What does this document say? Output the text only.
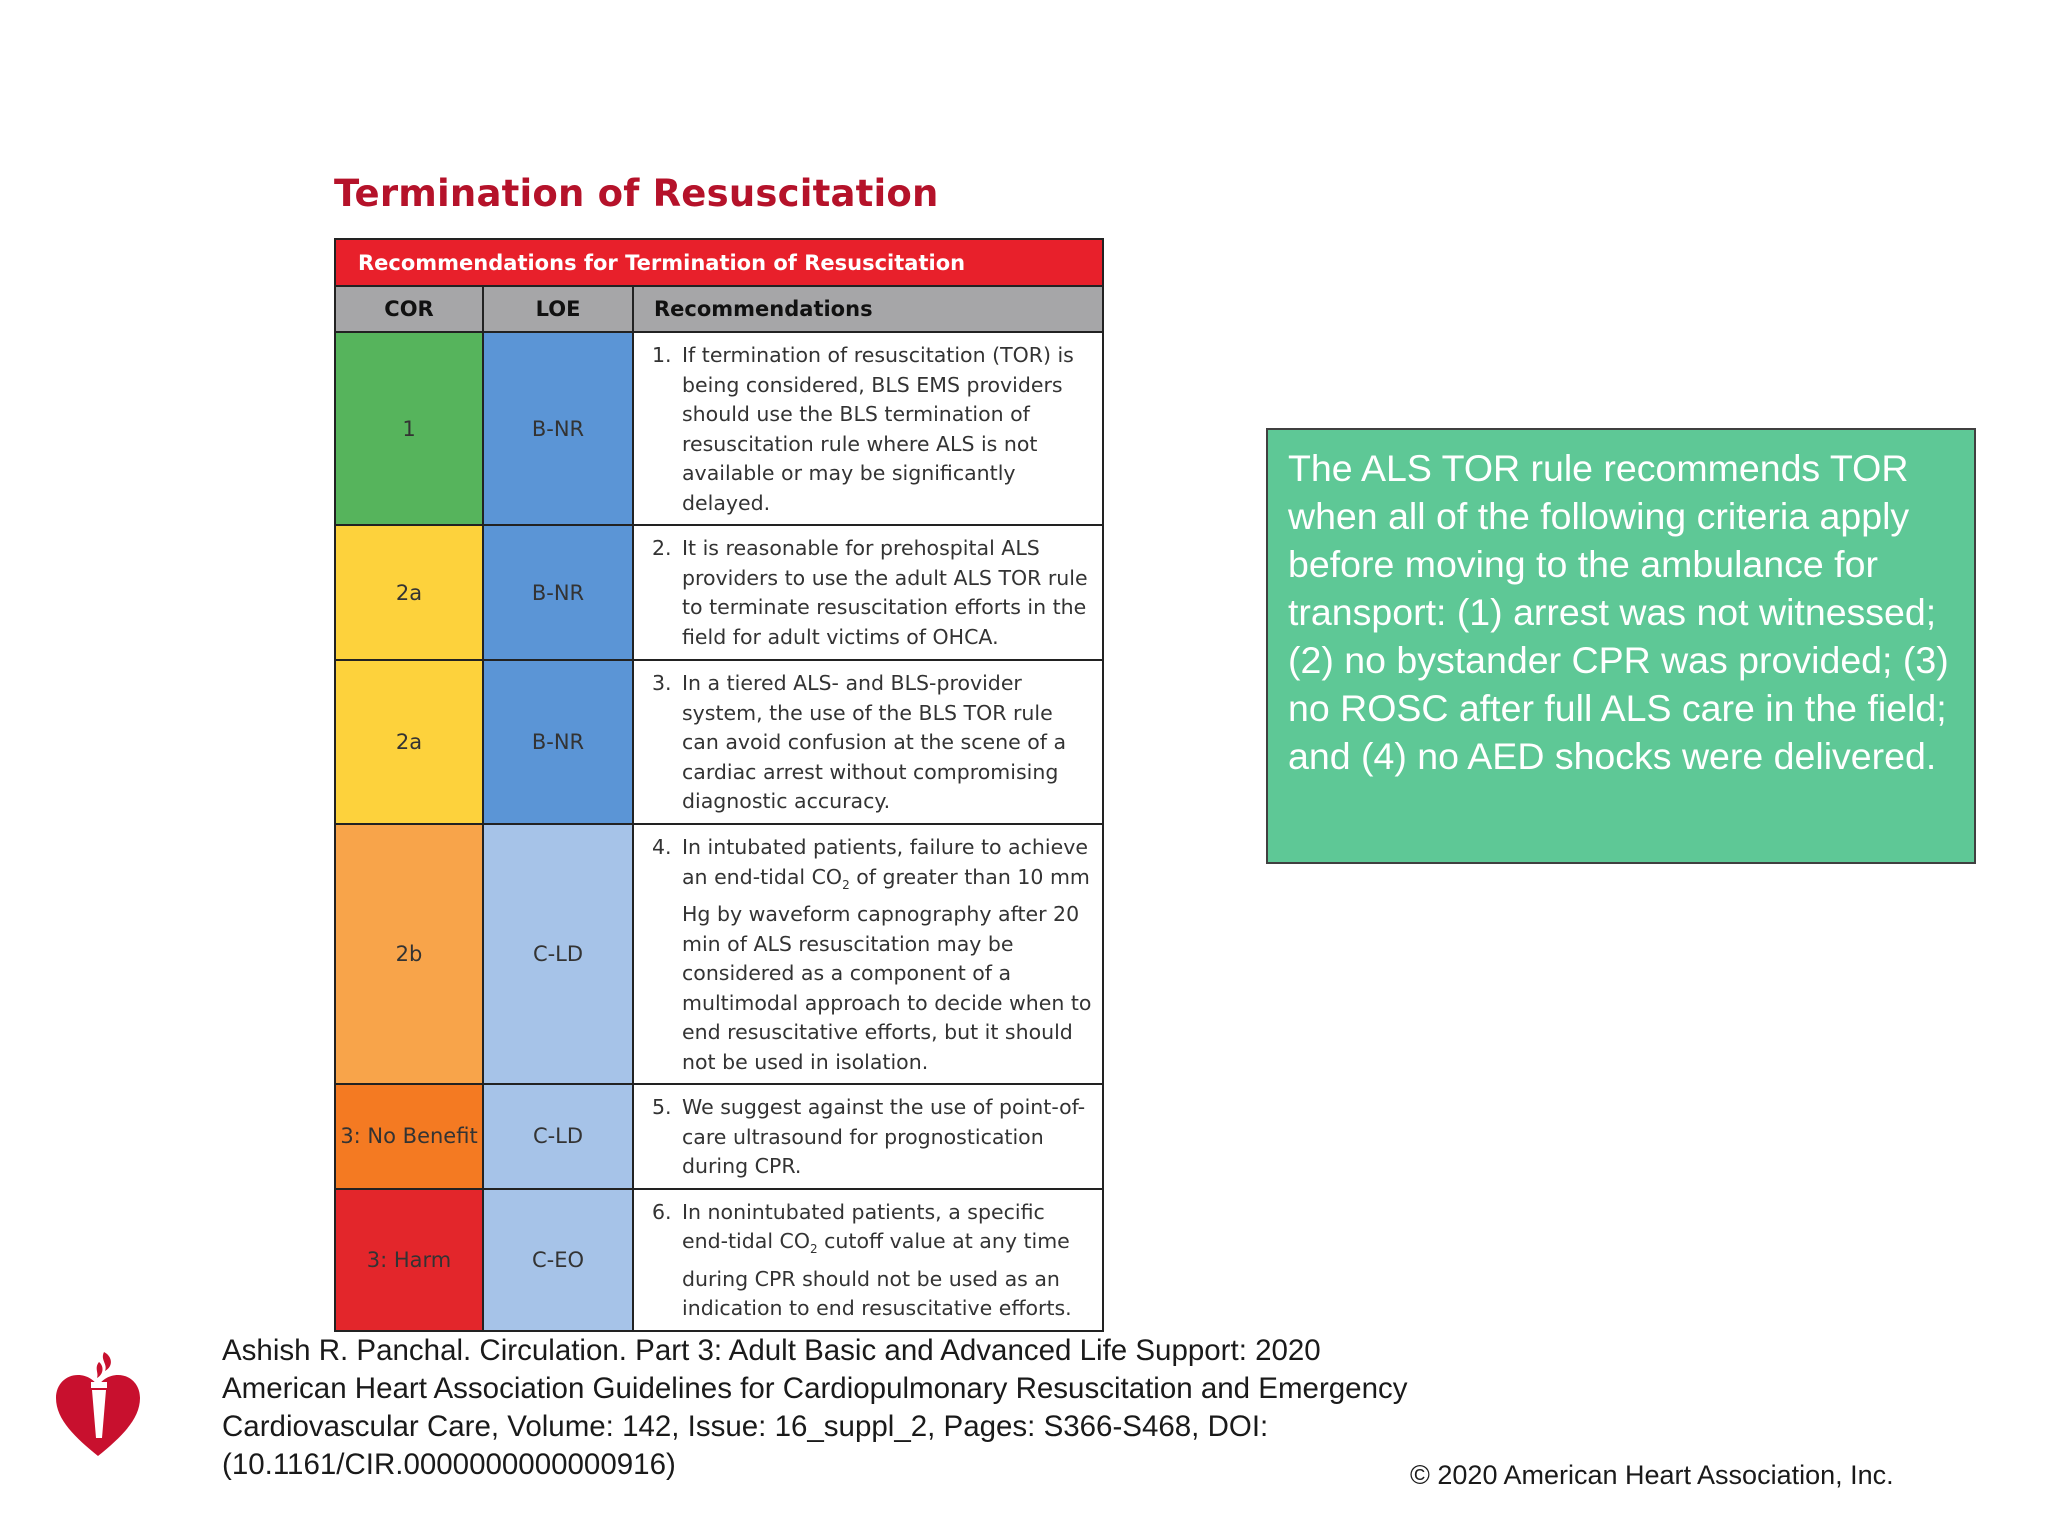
Termination of Resuscitation
Recommendations for Termination of Resuscitation		
COR	LOE	Recommendations
1	B-NR	1. If termination of resuscitation (TOR) is being considered, BLS EMS providers should use the BLS termination of resuscitation rule where ALS is not available or may be significantly delayed.

2a	B-NR	2. It is reasonable for prehospital ALS providers to use the adult ALS TOR rule to terminate resuscitation efforts in the field for adult victims of OHCA.

2a	B-NR	3. In a tiered ALS- and BLS-provider system, the use of the BLS TOR rule can avoid confusion at the scene of a cardiac arrest without compromising diagnostic accuracy.

2b	C-LD	4. In intubated patients, failure to achieve an end-tidal $CO_2$ of greater than 10 mm Hg by waveform capnography after 20 min of ALS resuscitation may be considered as a component of a multimodal approach to decide when to end resuscitative efforts, but it should not be used in isolation.

3: No Benefit	C-LD	5. We suggest against the use of point-of-care ultrasound for prognostication during CPR.

3: Harm	C-EO	6. In nonintubated patients, a specific end-tidal $CO_2$ cutoff value at any time during CPR should not be used as an indication to end resuscitative efforts.
The ALS TOR rule recommends TOR when all of the following criteria apply before moving to the ambulance for transport: (1) arrest was not witnessed; (2) no bystander CPR was provided; (3) no ROSC after full ALS care in the field; and (4) no AED shocks were delivered.
Ashish R. Panchal. Circulation. Part 3: Adult Basic and Advanced Life Support: 2020 American Heart Association Guidelines for Cardiopulmonary Resuscitation and Emergency Cardiovascular Care, Volume: 142, Issue: 16_suppl_2, Pages: S366-S468, DOI: (10.1161/CIR.0000000000000916)	© 2020 American Heart Association, Inc.
